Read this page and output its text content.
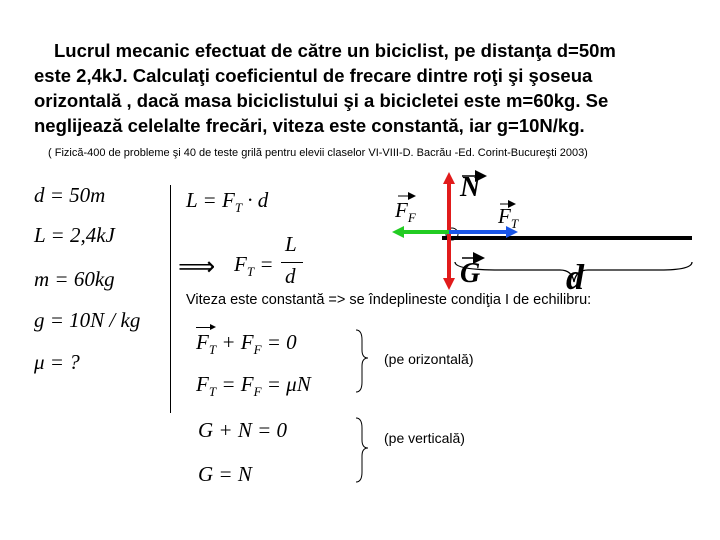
Lucrul mecanic efectuat de către un biciclist, pe distanţa d=50m
este 2,4kJ. Calculaţi coeficientul de frecare dintre roţi şi şoseua
orizontală , dacă masa biciclistului şi a bicicletei este m=60kg. Se
neglijează celelalte frecări, viteza este constantă, iar g=10N/kg.
( Fizică-400 de probleme şi 40 de teste grilă pentru elevii claselor VI-VIII-D. Bacrău -Ed. Corint-Bucureşti 2003)
d = 50m
L = 2,4kJ
m = 60kg
g = 10N / kg
μ = ?
$L = F_T \cdot d$
⟹ $F_T$ =
L
d
N
G
$F_F$	$F_T$
d
Viteza este constantă => se îndeplineste condiţia I de echilibru:
$F_T + F_F = 0$
$F_T = F_F = \mu N$
G + N = 0
G = N
(pe orizontală)
(pe verticală)
